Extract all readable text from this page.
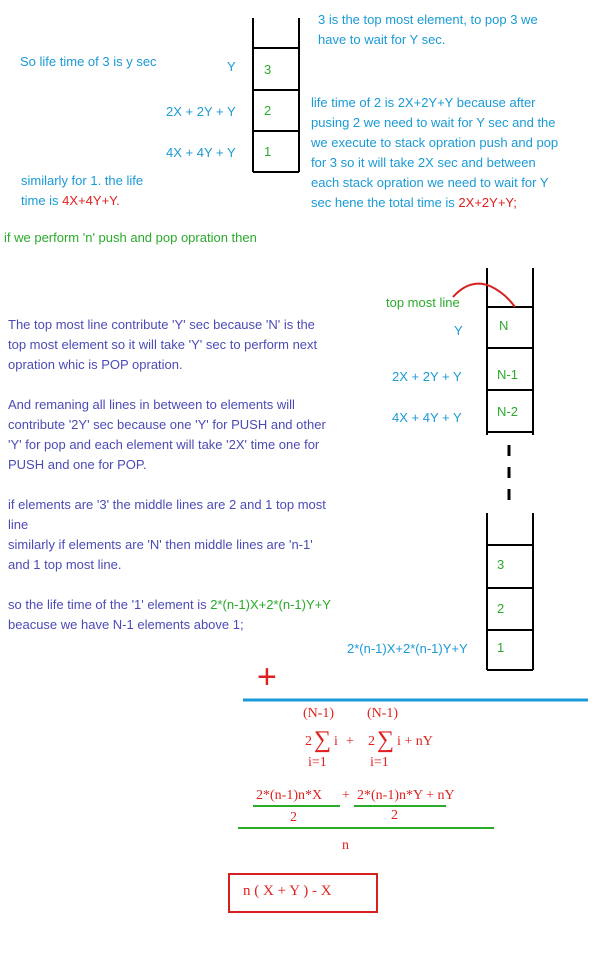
3
2
1
Y
2X + 2Y + Y
4X + 4Y + Y
3 is the top most element, to pop 3 we
have to wait for Y sec.
So life time of 3 is y sec
life time of 2 is 2X+2Y+Y because after
pusing 2 we need to wait for Y sec and the
we execute to stack opration push and pop
for 3 so it will take 2X sec and between
each stack opration we need to wait for Y
sec hene the total time is 2X+2Y+Y;
similarly for 1. the life
time is 4X+4Y+Y.
if we perform 'n' push and pop opration then
top most line
N
N-1
N-2
Y
2X + 2Y + Y
4X + 4Y + Y
3
2
1
2*(n-1)X+2*(n-1)Y+Y
The top most line contribute 'Y' sec because 'N' is the
top most element so it will take 'Y' sec to perform next
opration whic is POP opration.
And remaning all lines in between to elements will
contribute '2Y' sec because one 'Y' for PUSH and other
'Y' for pop and each element will take '2X' time one for
PUSH and one for POP.
if elements are '3' the middle lines are 2 and 1 top most
line
similarly if elements are 'N' then middle lines are 'n-1'
and 1 top most line.
so the life time of the '1' element is 2*(n-1)X+2*(n-1)Y+Y
beacuse we have N-1 elements above 1;
+
(N-1)
2 ∑ i
i=1
+
(N-1)
2 ∑ i + nY
i=1
2*(n-1)n*X + 2*(n-1)n*Y + nY
2	2
n
n ( X + Y ) - X
